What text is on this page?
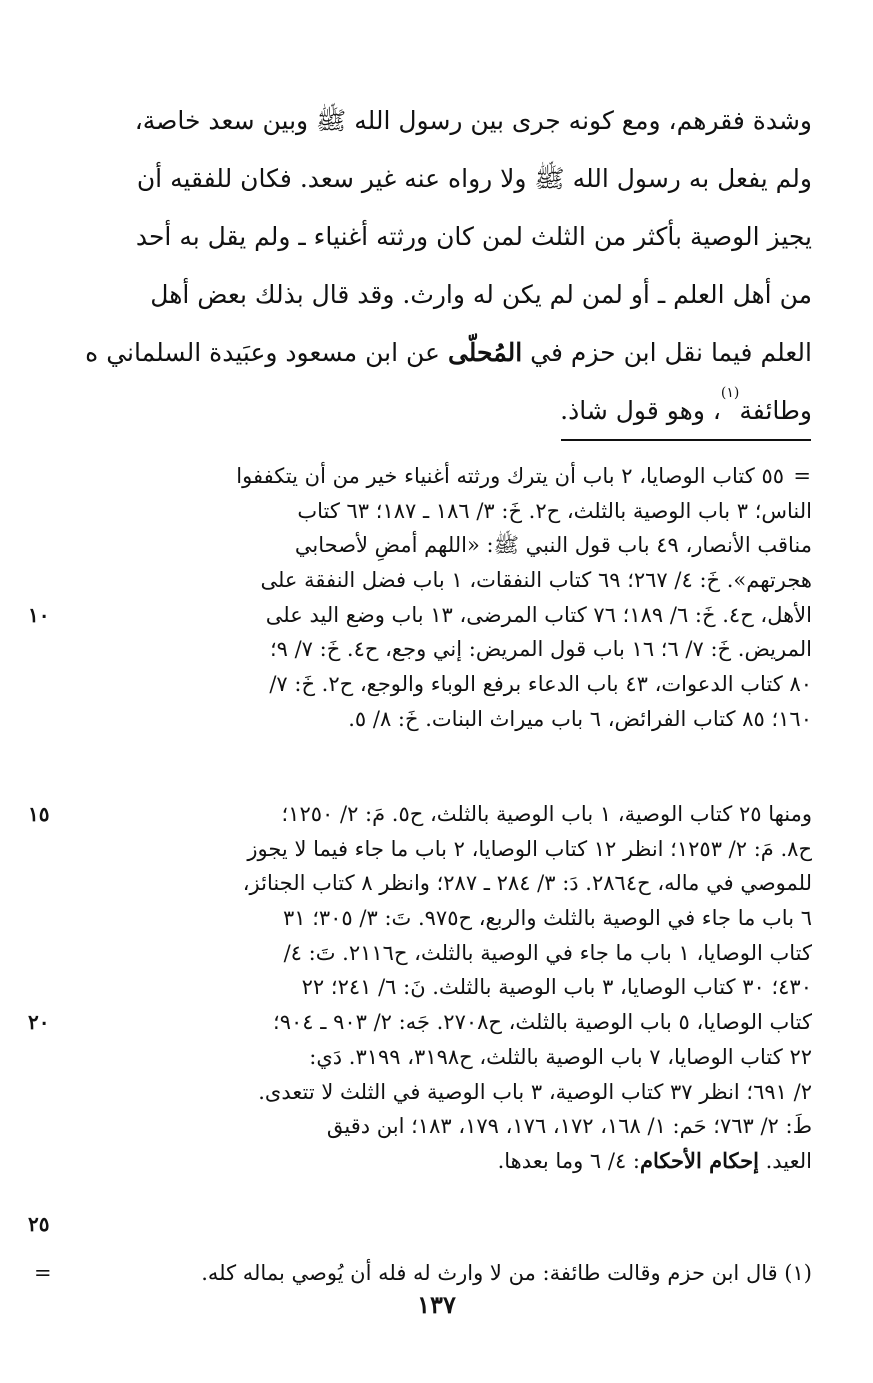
وشدة فقرهم، ومع كونه جرى بين رسول الله ﷺ وبين سعد خاصة،
ولم يفعل به رسول الله ﷺ ولا رواه عنه غير سعد. فكان للفقيه أن
يجيز الوصية بأكثر من الثلث لمن كان ورثته أغنياء ـ ولم يقل به أحد
من أهل العلم ـ أو لمن لم يكن له وارث. وقد قال بذلك بعض أهل
العلم فيما نقل ابن حزم في المُحلّى عن ابن مسعود وعبَيدة السلماني ه
وطائفة$^{(١)}$، وهو قول شاذ.
=
٥٥ كتاب الوصايا، ٢ باب أن يترك ورثته أغنياء خير من أن يتكففوا
الناس؛ ٣ باب الوصية بالثلث، ح٢. خَ: ٣/ ١٨٦ ـ ١٨٧؛ ٦٣ كتاب
مناقب الأنصار، ٤٩ باب قول النبي ﷺ: «اللهم أمضِ لأصحابي
هجرتهم». خَ: ٤/ ٢٦٧؛ ٦٩ كتاب النفقات، ١ باب فضل النفقة على
الأهل، ح٤. خَ: ٦/ ١٨٩؛ ٧٦ كتاب المرضى، ١٣ باب وضع اليد على
المريض. خَ: ٧/ ٦؛ ١٦ باب قول المريض: إني وجع، ح٤. خَ: ٧/ ٩؛
٨٠ كتاب الدعوات، ٤٣ باب الدعاء برفع الوباء والوجع، ح٢. خَ: ٧/
١٦٠؛ ٨٥ كتاب الفرائض، ٦ باب ميراث البنات. خَ: ٨/ ٥.
ومنها ٢٥ كتاب الوصية، ١ باب الوصية بالثلث، ح٥. مَ: ٢/ ١٢٥٠؛
ح٨. مَ: ٢/ ١٢٥٣؛ انظر ١٢ كتاب الوصايا، ٢ باب ما جاء فيما لا يجوز
للموصي في ماله، ح٢٨٦٤. دَ: ٣/ ٢٨٤ ـ ٢٨٧؛ وانظر ٨ كتاب الجنائز،
٦ باب ما جاء في الوصية بالثلث والربع، ح٩٧٥. تَ: ٣/ ٣٠٥؛ ٣١
كتاب الوصايا، ١ باب ما جاء في الوصية بالثلث، ح٢١١٦. تَ: ٤/
٤٣٠؛ ٣٠ كتاب الوصايا، ٣ باب الوصية بالثلث. نَ: ٦/ ٢٤١؛ ٢٢
كتاب الوصايا، ٥ باب الوصية بالثلث، ح٢٧٠٨. جَه: ٢/ ٩٠٣ ـ ٩٠٤؛
٢٢ كتاب الوصايا، ٧ باب الوصية بالثلث، ح٣١٩٨، ٣١٩٩. دَي:
٢/ ٦٩١؛ انظر ٣٧ كتاب الوصية، ٣ باب الوصية في الثلث لا تتعدى.
طَ: ٢/ ٧٦٣؛ حَم: ١/ ١٦٨، ١٧٢، ١٧٦، ١٧٩، ١٨٣؛ ابن دقيق
العيد. إحكام الأحكام: ٤/ ٦ وما بعدها.
(١) قال ابن حزم وقالت طائفة: من لا وارث له فله أن يُوصي بماله كله.
=
١٠
١٥
٢٠
٢٥
١٣٧
